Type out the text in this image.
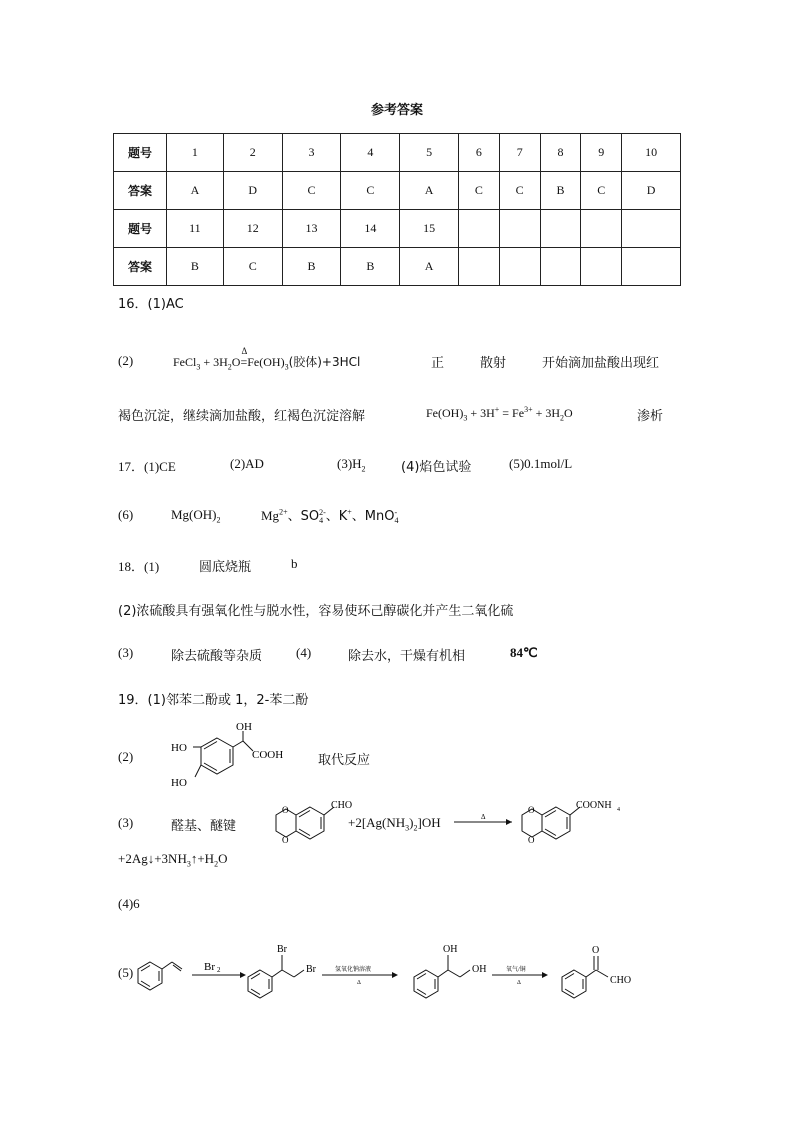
参考答案
题号	1	2	3	4	5	6	7	8	9	10
答案	A	D	C	C	A	C	C	B	C	D
题号	11	12	13	14	15					
答案	B	C	B	B	A					
16．(1)AC
(2)	FeCl$_3$ + $3H_2O$
Δ
$=Fe(OH)_3$(胶体)+3HCl	正	散射	开始滴加盐酸出现红
褐色沉淀，继续滴加盐酸，红褐色沉淀溶解	$Fe(OH)_3 + 3H^+ = Fe^{3+} + 3H_2O$	渗析
17．(1)CE	(2)AD	$(3)H_2$	(4)焰色试验	(5)0.1mol/L
(6)	$Mg(OH)_2$	$Mg^{2+}$、SO2-
4 、K+、MnO-
4
18．(1)	圆底烧瓶	b
(2)浓硫酸具有强氧化性与脱水性，容易使环己醇碳化并产生二氧化硫
(3)	除去硫酸等杂质	(4)	除去水，干燥有机相	84℃
19．(1)邻苯二酚或 1，2-苯二酚
(2)
OH
HO
HO
COOH	取代反应
(3)	醛基、醚键
O
O
CHO
$+2[Ag(NH_3)_2]OH$	Δ
O
O
COONH 4
$+2Ag↓+3NH_3↑+H_2O$
(4)6
(5)	Br 2
Br
Br	氢氧化钠溶液
Δ
OH
OH	氧气/铜
Δ
O
CHO
